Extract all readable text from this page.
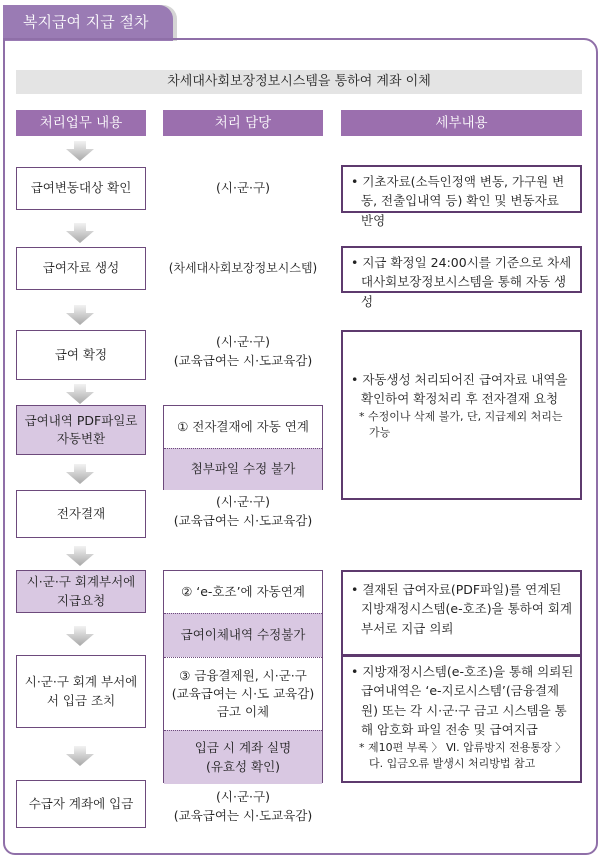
복지급여 지급 절차
차세대사회보장정보시스템을 통하여 계좌 이체
처리업무 내용	처리 담당	세부내용
급여변동대상 확인
급여자료 생성
급여 확정
급여내역 PDF파일로 자동변환
전자결재
시·군·구 회계부서에 지급요청
시·군·구 회계 부서에서 입금 조치
수급자 계좌에 입금
(시·군·구)
(차세대사회보장정보시스템)
(시·군·구)
(교육급여는 시·도교육감)
① 전자결재에 자동 연계
첨부파일 수정 불가
(시·군·구)
(교육급여는 시·도교육감)
② ‘e-호조’에 자동연계
급여이체내역 수정불가
③ 금융결제원, 시·군·구
(교육급여는 시·도 교육감)
금고 이체
입금 시 계좌 실명
(유효성 확인)
(시·군·구)
(교육급여는 시·도교육감)
• 기초자료(소득인정액 변동, 가구원 변동, 전출입내역 등) 확인 및 변동자료 반영
• 지급 확정일 24:00시를 기준으로 차세대사회보장정보시스템을 통해 자동 생성
• 자동생성 처리되어진 급여자료 내역을 확인하여 확정처리 후 전자결재 요청
* 수정이나 삭제 불가, 단, 지급제외 처리는 가능
• 결재된 급여자료(PDF파일)를 연계된 지방재정시스템(e-호조)을 통하여 회계부서로 지급 의뢰
• 지방재정시스템(e-호조)을 통해 의뢰된 급여내역은 ‘e-지로시스템’(금융결제원) 또는 각 시·군·구 금고 시스템을 통해 암호화 파일 전송 및 급여지급
* 제10편 부록 〉 Ⅵ. 압류방지 전용통장 〉 다. 입금오류 발생시 처리방법 참고
